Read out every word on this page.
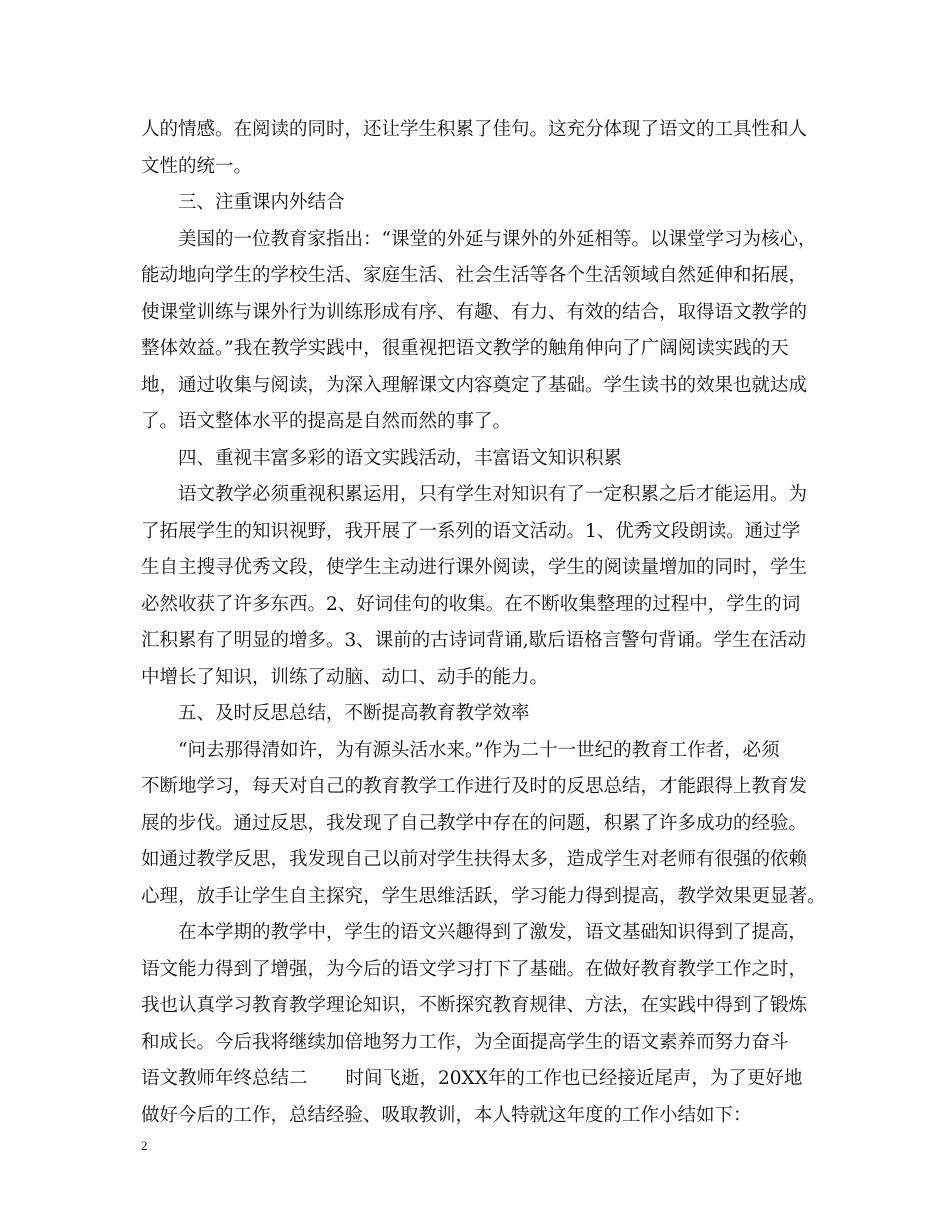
人的情感。在阅读的同时，还让学生积累了佳句。这充分体现了语文的工具性和人
文性的统一。
三、注重课内外结合
美国的一位教育家指出：“课堂的外延与课外的外延相等。以课堂学习为核心，
能动地向学生的学校生活、家庭生活、社会生活等各个生活领域自然延伸和拓展，
使课堂训练与课外行为训练形成有序、有趣、有力、有效的结合，取得语文教学的
整体效益。”我在教学实践中，很重视把语文教学的触角伸向了广阔阅读实践的天
地，通过收集与阅读，为深入理解课文内容奠定了基础。学生读书的效果也就达成
了。语文整体水平的提高是自然而然的事了。
四、重视丰富多彩的语文实践活动，丰富语文知识积累
语文教学必须重视积累运用，只有学生对知识有了一定积累之后才能运用。为
了拓展学生的知识视野，我开展了一系列的语文活动。1、优秀文段朗读。通过学
生自主搜寻优秀文段，使学生主动进行课外阅读，学生的阅读量增加的同时，学生
必然收获了许多东西。2、好词佳句的收集。在不断收集整理的过程中，学生的词
汇积累有了明显的增多。3、课前的古诗词背诵,歇后语格言警句背诵。学生在活动
中增长了知识，训练了动脑、动口、动手的能力。
五、及时反思总结，不断提高教育教学效率
“问去那得清如许，为有源头活水来。”作为二十一世纪的教育工作者，必须
不断地学习，每天对自己的教育教学工作进行及时的反思总结，才能跟得上教育发
展的步伐。通过反思，我发现了自己教学中存在的问题，积累了许多成功的经验。
如通过教学反思，我发现自己以前对学生扶得太多，造成学生对老师有很强的依赖
心理，放手让学生自主探究，学生思维活跃，学习能力得到提高，教学效果更显著。
在本学期的教学中，学生的语文兴趣得到了激发，语文基础知识得到了提高，
语文能力得到了增强，为今后的语文学习打下了基础。在做好教育教学工作之时，
我也认真学习教育教学理论知识，不断探究教育规律、方法，在实践中得到了锻炼
和成长。今后我将继续加倍地努力工作，为全面提高学生的语文素养而努力奋斗
语文教师年终总结二 时间飞逝，20XX年的工作也已经接近尾声，为了更好地
做好今后的工作，总结经验、吸取教训，本人特就这年度的工作小结如下：
2
